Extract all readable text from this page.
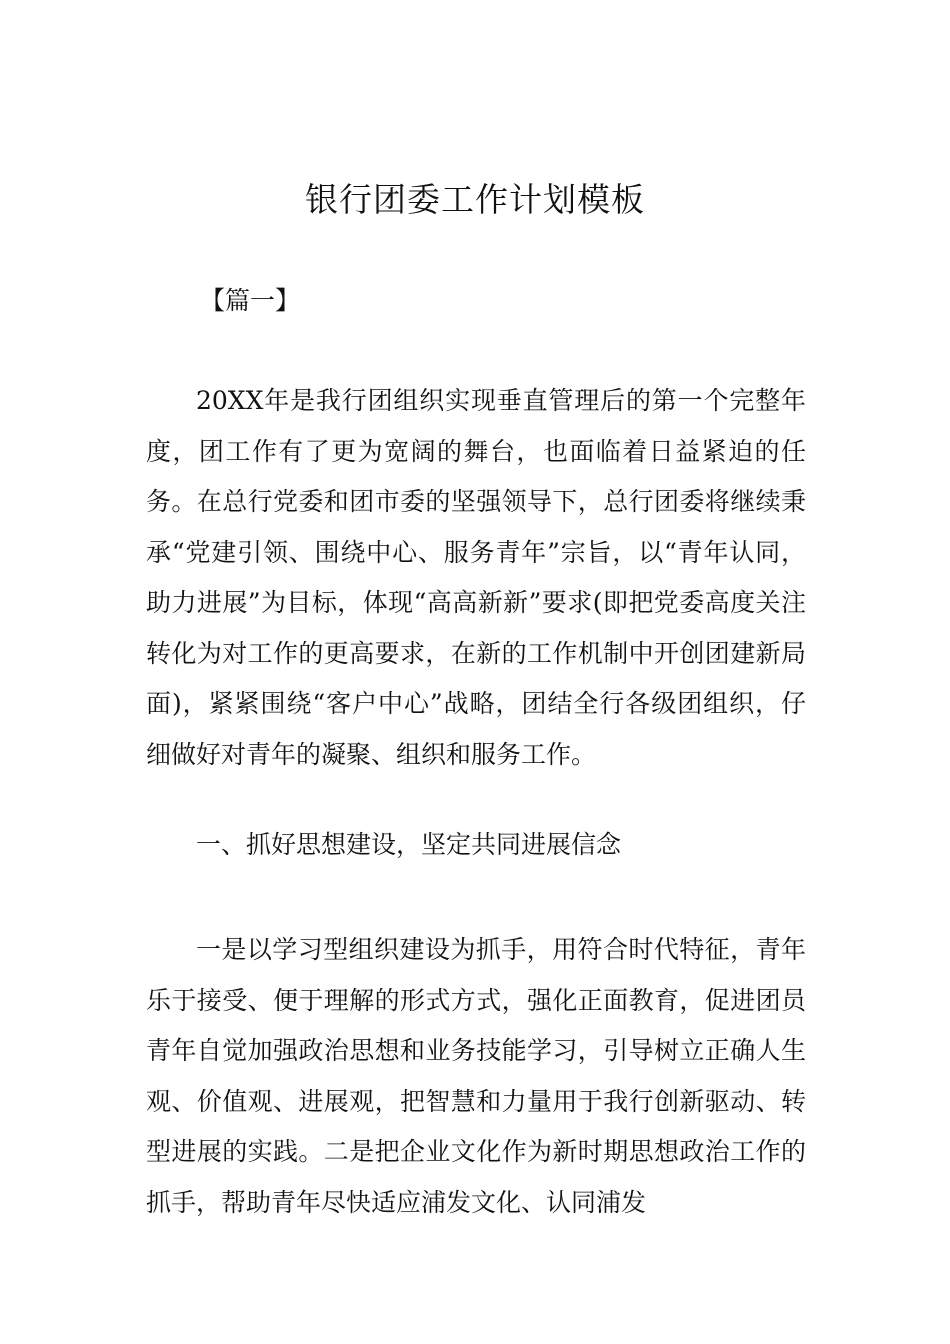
银行团委工作计划模板

【篇一】

20XX年是我行团组织实现垂直管理后的第一个完整年度，团工作有了更为宽阔的舞台，也面临着日益紧迫的任务。在总行党委和团市委的坚强领导下，总行团委将继续秉承“党建引领、围绕中心、服务青年”宗旨，以“青年认同，助力进展”为目标，体现“高高新新”要求(即把党委高度关注转化为对工作的更高要求，在新的工作机制中开创团建新局面)，紧紧围绕“客户中心”战略，团结全行各级团组织，仔细做好对青年的凝聚、组织和服务工作。

一、抓好思想建设，坚定共同进展信念

一是以学习型组织建设为抓手，用符合时代特征，青年乐于接受、便于理解的形式方式，强化正面教育，促进团员青年自觉加强政治思想和业务技能学习，引导树立正确人生观、价值观、进展观，把智慧和力量用于我行创新驱动、转型进展的实践。二是把企业文化作为新时期思想政治工作的抓手，帮助青年尽快适应浦发文化、认同浦发
